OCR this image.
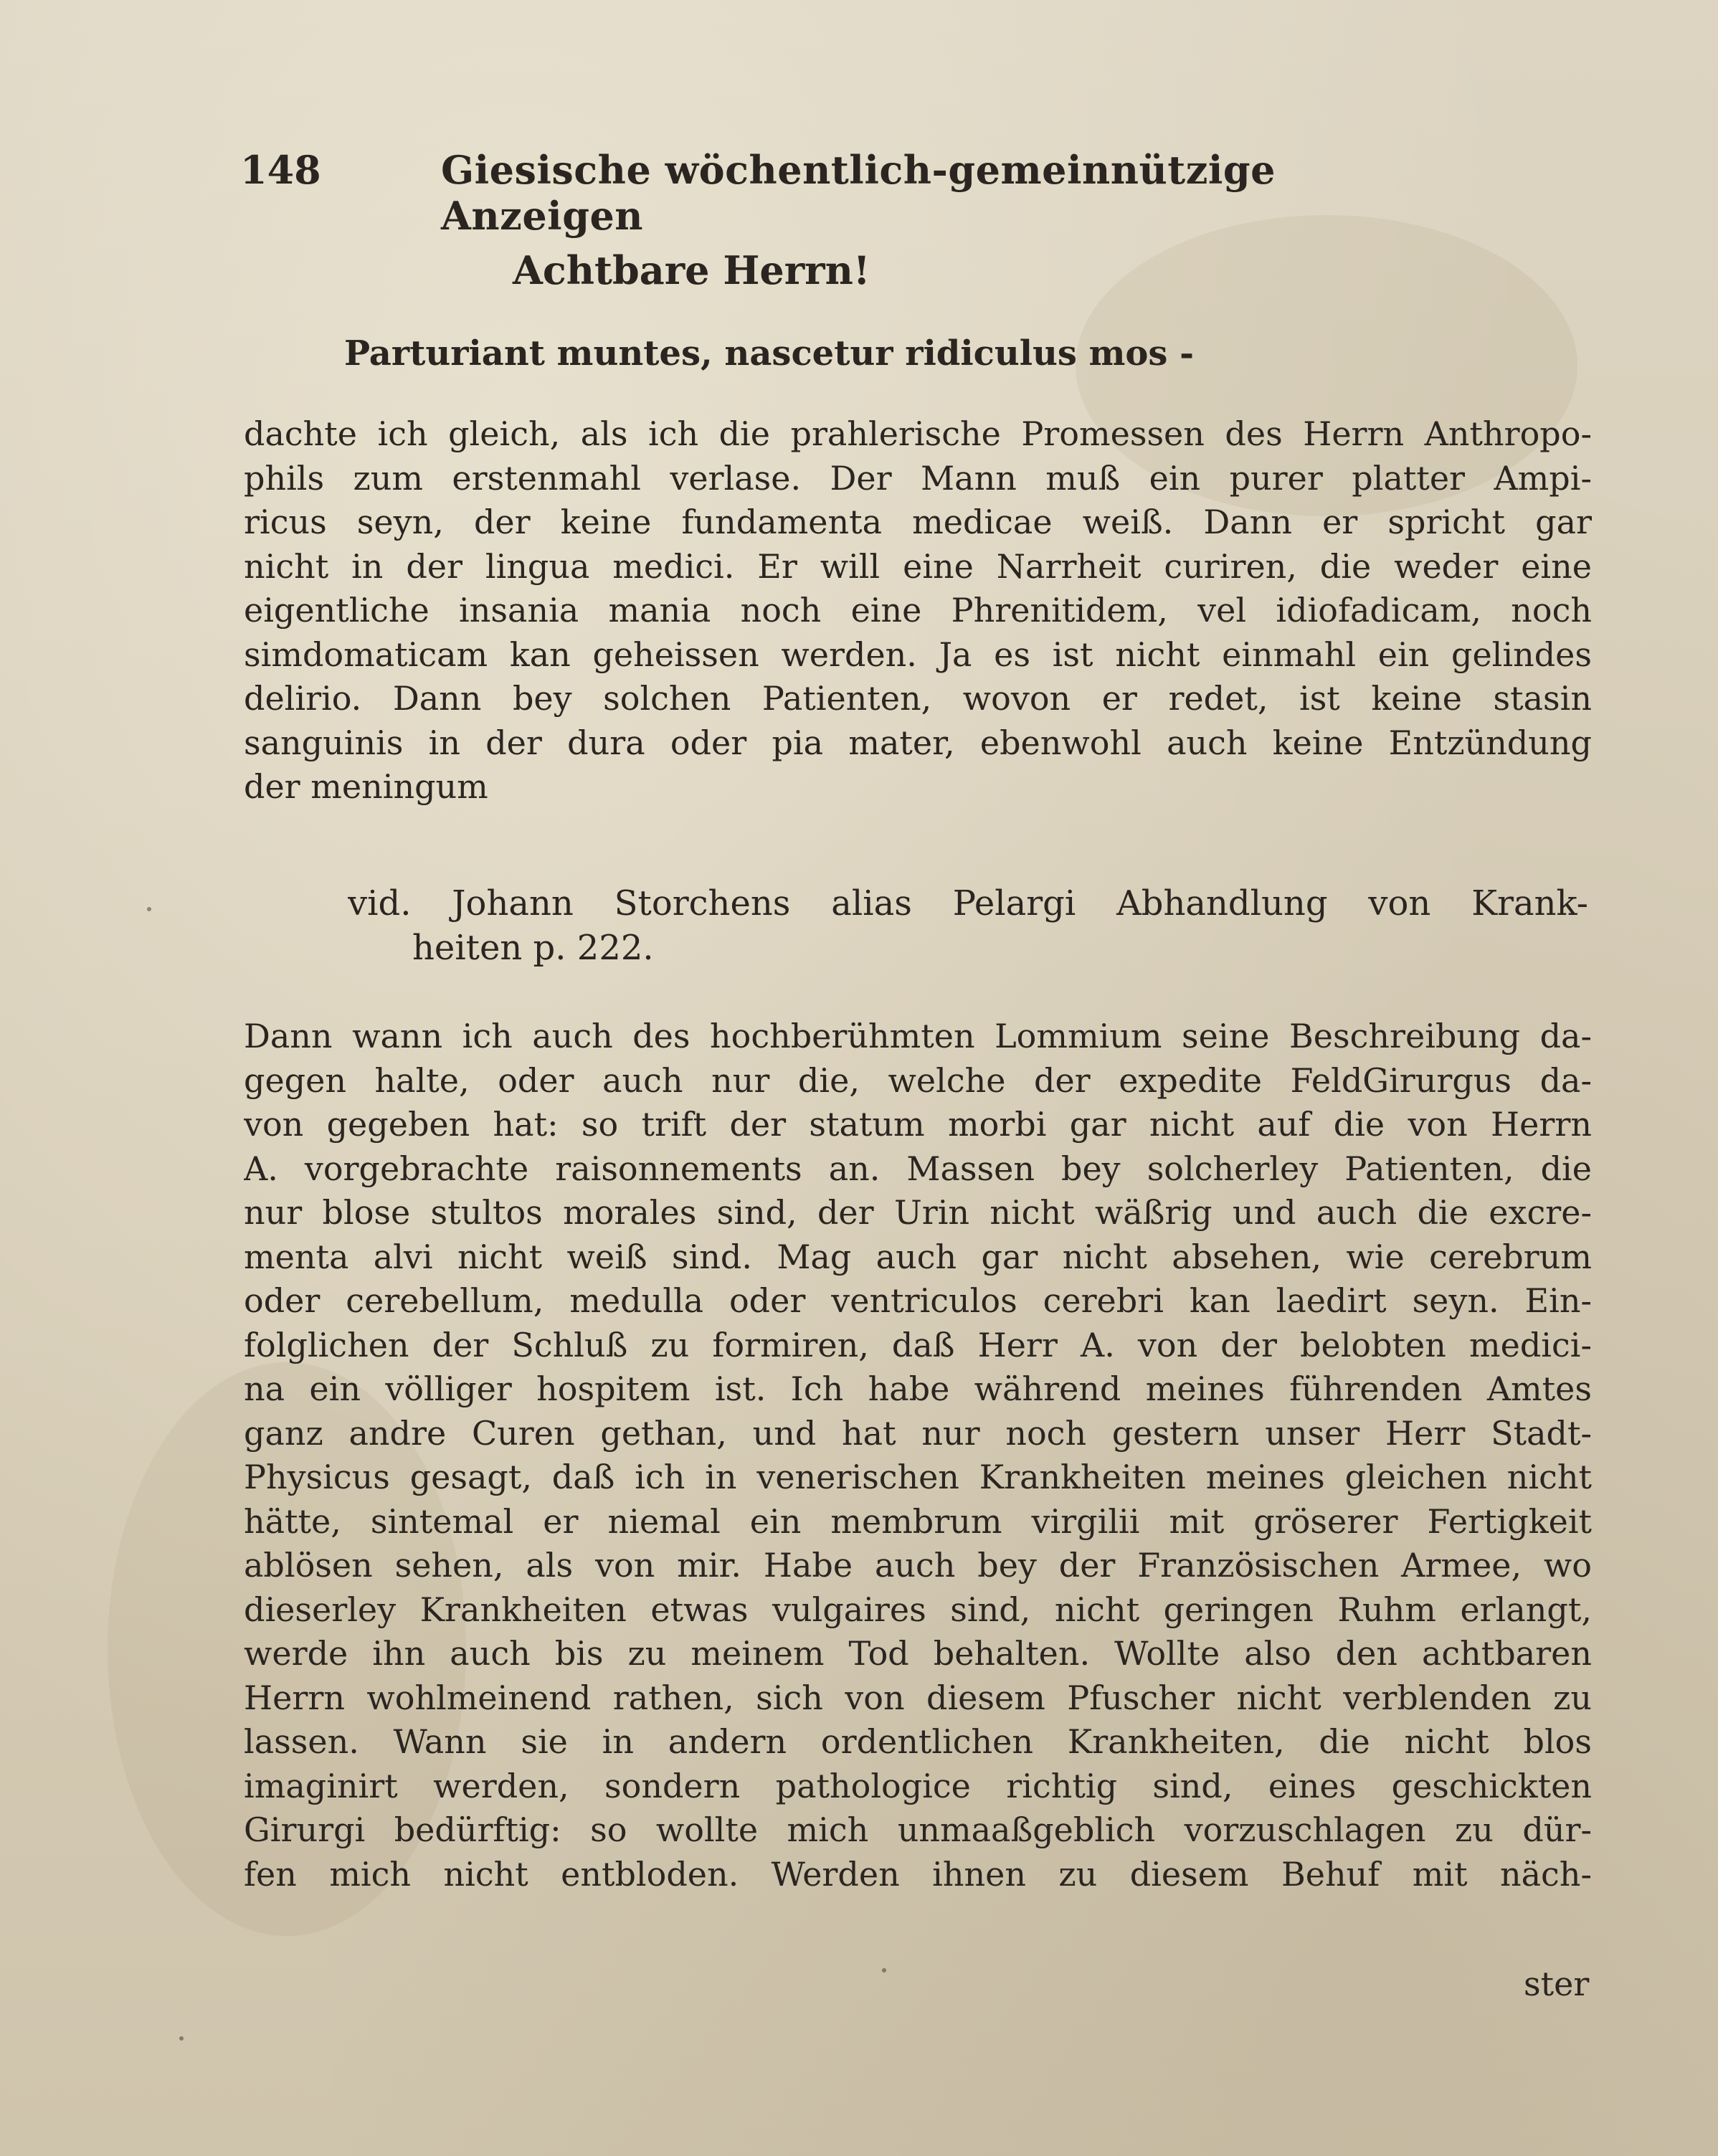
148	Giesische wöchentlich-gemeinnützige Anzeigen
Achtbare Herrn!
Parturiant muntes, nascetur ridiculus mos -
dachte ich gleich, als ich die prahlerische Promessen des Herrn Anthropo-
phils zum erstenmahl verlase. Der Mann muß ein purer platter Ampi-
ricus seyn, der keine fundamenta medicae weiß. Dann er spricht gar
nicht in der lingua medici. Er will eine Narrheit curiren, die weder eine
eigentliche insania mania noch eine Phrenitidem, vel idiofadicam, noch
simdomaticam kan geheissen werden. Ja es ist nicht einmahl ein gelindes
delirio. Dann bey solchen Patienten, wovon er redet, ist keine stasin
sanguinis in der dura oder pia mater, ebenwohl auch keine Entzündung
der meningum
vid. Johann Storchens alias Pelargi Abhandlung von Krank-
heiten p. 222.
Dann wann ich auch des hochberühmten Lommium seine Beschreibung da-
gegen halte, oder auch nur die, welche der expedite FeldGirurgus da-
von gegeben hat: so trift der statum morbi gar nicht auf die von Herrn
A. vorgebrachte raisonnements an. Massen bey solcherley Patienten, die
nur blose stultos morales sind, der Urin nicht wäßrig und auch die excre-
menta alvi nicht weiß sind. Mag auch gar nicht absehen, wie cerebrum
oder cerebellum, medulla oder ventriculos cerebri kan laedirt seyn. Ein-
folglichen der Schluß zu formiren, daß Herr A. von der belobten medici-
na ein völliger hospitem ist. Ich habe während meines führenden Amtes
ganz andre Curen gethan, und hat nur noch gestern unser Herr Stadt-
Physicus gesagt, daß ich in venerischen Krankheiten meines gleichen nicht
hätte, sintemal er niemal ein membrum virgilii mit gröserer Fertigkeit
ablösen sehen, als von mir. Habe auch bey der Französischen Armee, wo
dieserley Krankheiten etwas vulgaires sind, nicht geringen Ruhm erlangt,
werde ihn auch bis zu meinem Tod behalten. Wollte also den achtbaren
Herrn wohlmeinend rathen, sich von diesem Pfuscher nicht verblenden zu
lassen. Wann sie in andern ordentlichen Krankheiten, die nicht blos
imaginirt werden, sondern pathologice richtig sind, eines geschickten
Girurgi bedürftig: so wollte mich unmaaßgeblich vorzuschlagen zu dür-
fen mich nicht entbloden. Werden ihnen zu diesem Behuf mit näch-
ster
